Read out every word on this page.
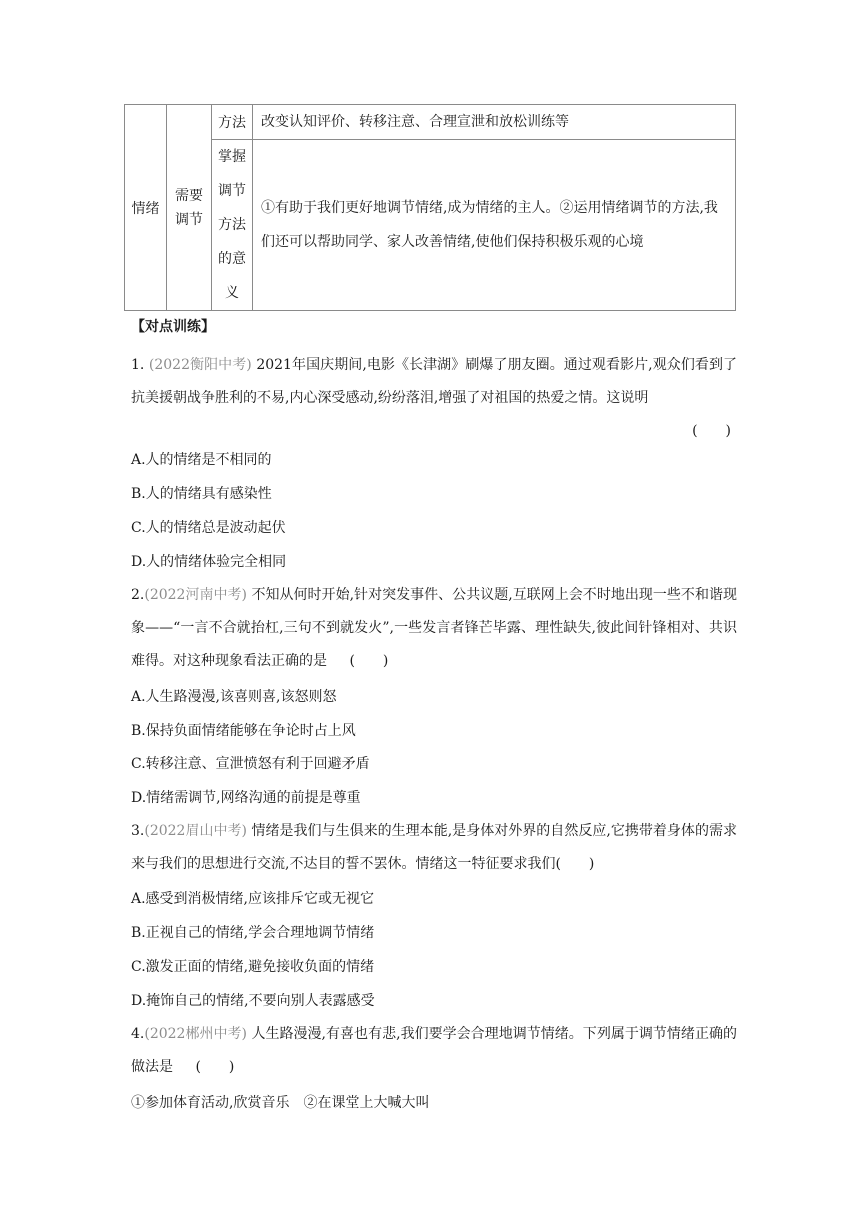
情绪	需要调节	方法	改变认知评价、转移注意、合理宣泄和放松训练等

		掌握调节方法的意义	①有助于我们更好地调节情绪,成为情绪的主人。②运用情绪调节的方法,我们还可以帮助同学、家人改善情绪,使他们保持积极乐观的心境
【对点训练】
1. (2022衡阳中考) 2021年国庆期间,电影《长津湖》刷爆了朋友圈。通过观看影片,观众们看到了抗美援朝战争胜利的不易,内心深受感动,纷纷落泪,增强了对祖国的热爱之情。这说明

(　　)
A.人的情绪是不相同的
B.人的情绪具有感染性
C.人的情绪总是波动起伏
D.人的情绪体验完全相同
2.(2022河南中考) 不知从何时开始,针对突发事件、公共议题,互联网上会不时地出现一些不和谐现象——“一言不合就抬杠,三句不到就发火”,一些发言者锋芒毕露、理性缺失,彼此间针锋相对、共识难得。对这种现象看法正确的是 (　　)
A.人生路漫漫,该喜则喜,该怒则怒
B.保持负面情绪能够在争论时占上风
C.转移注意、宣泄愤怒有利于回避矛盾
D.情绪需调节,网络沟通的前提是尊重
3.(2022眉山中考) 情绪是我们与生俱来的生理本能,是身体对外界的自然反应,它携带着身体的需求来与我们的思想进行交流,不达目的誓不罢休。情绪这一特征要求我们(　　)
A.感受到消极情绪,应该排斥它或无视它
B.正视自己的情绪,学会合理地调节情绪
C.激发正面的情绪,避免接收负面的情绪
D.掩饰自己的情绪,不要向别人表露感受
4.(2022郴州中考) 人生路漫漫,有喜也有悲,我们要学会合理地调节情绪。下列属于调节情绪正确的做法是 (　　)
①参加体育活动,欣赏音乐　②在课堂上大喊大叫
